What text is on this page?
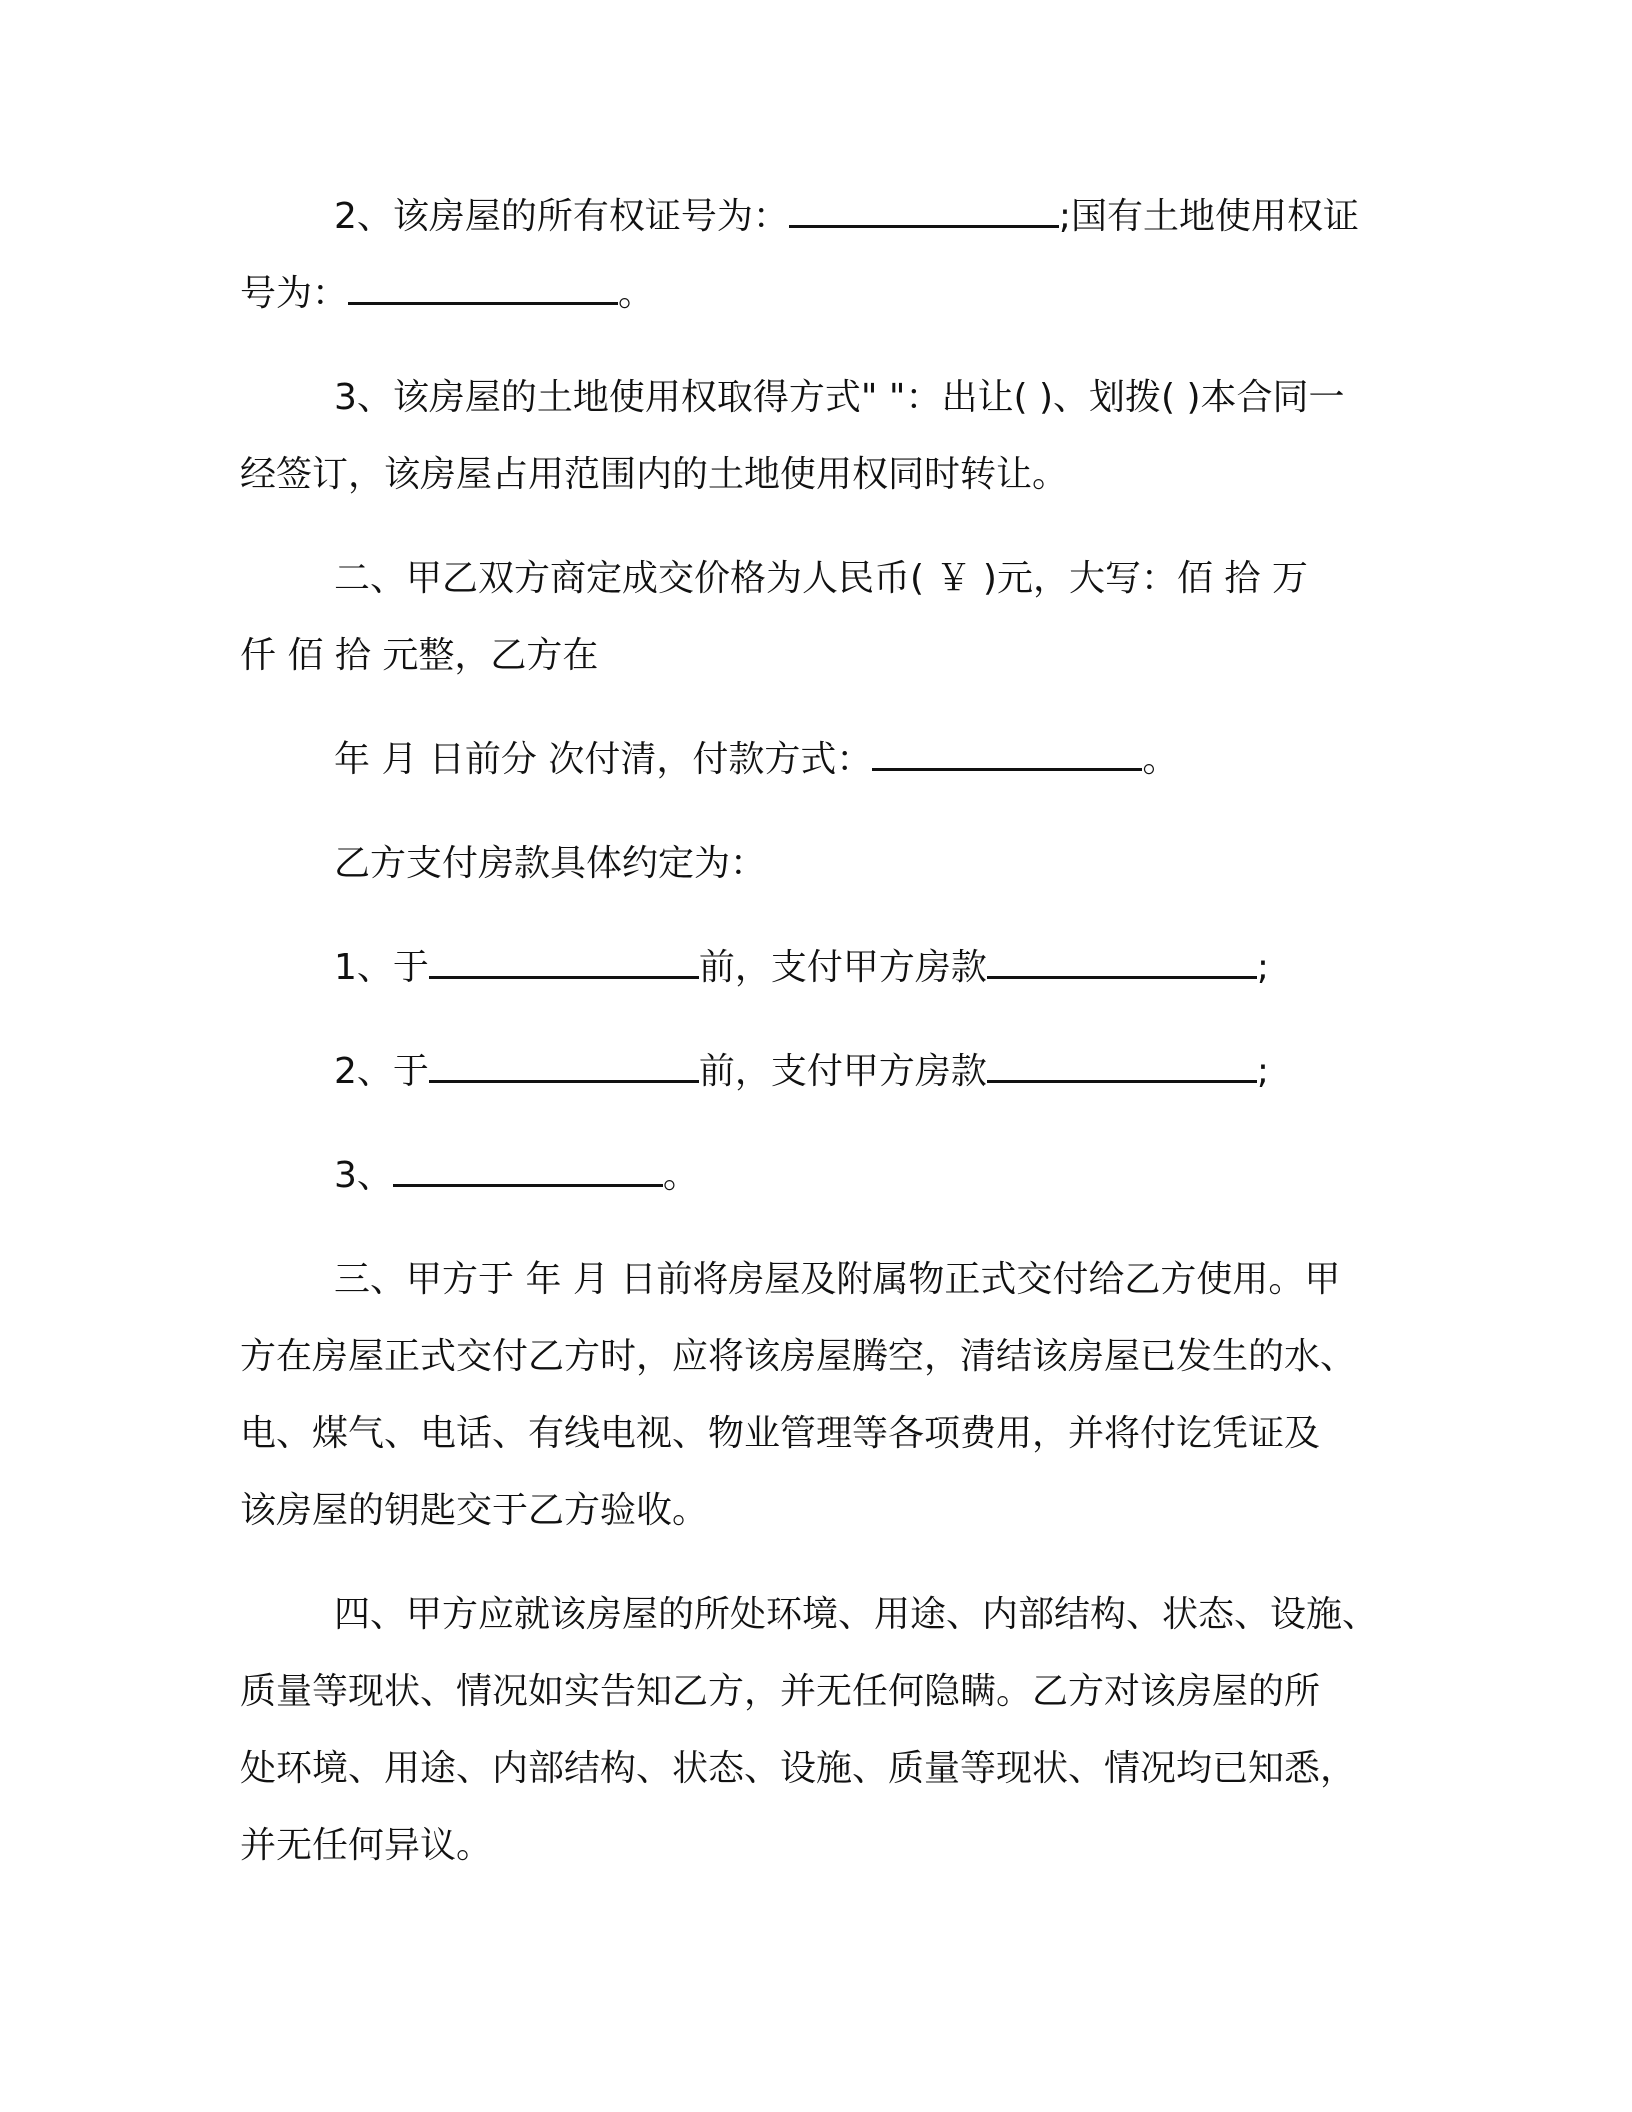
2、该房屋的所有权证号为：	;国有土地使用权证

号为：	。

3、该房屋的土地使用权取得方式" "：出让( )、划拨( )本合同一
经签订，该房屋占用范围内的土地使用权同时转让。

二、甲乙双方商定成交价格为人民币( ￥ )元，大写：佰 拾 万
仟 佰 拾 元整，乙方在

年 月 日前分 次付清，付款方式：	。

乙方支付房款具体约定为：

1、于	前，支付甲方房款	;

2、于	前，支付甲方房款	;

3、	。

三、甲方于 年 月 日前将房屋及附属物正式交付给乙方使用。甲
方在房屋正式交付乙方时，应将该房屋腾空，清结该房屋已发生的水、
电、煤气、电话、有线电视、物业管理等各项费用，并将付讫凭证及
该房屋的钥匙交于乙方验收。

四、甲方应就该房屋的所处环境、用途、内部结构、状态、设施、
质量等现状、情况如实告知乙方，并无任何隐瞒。乙方对该房屋的所
处环境、用途、内部结构、状态、设施、质量等现状、情况均已知悉，
并无任何异议。
